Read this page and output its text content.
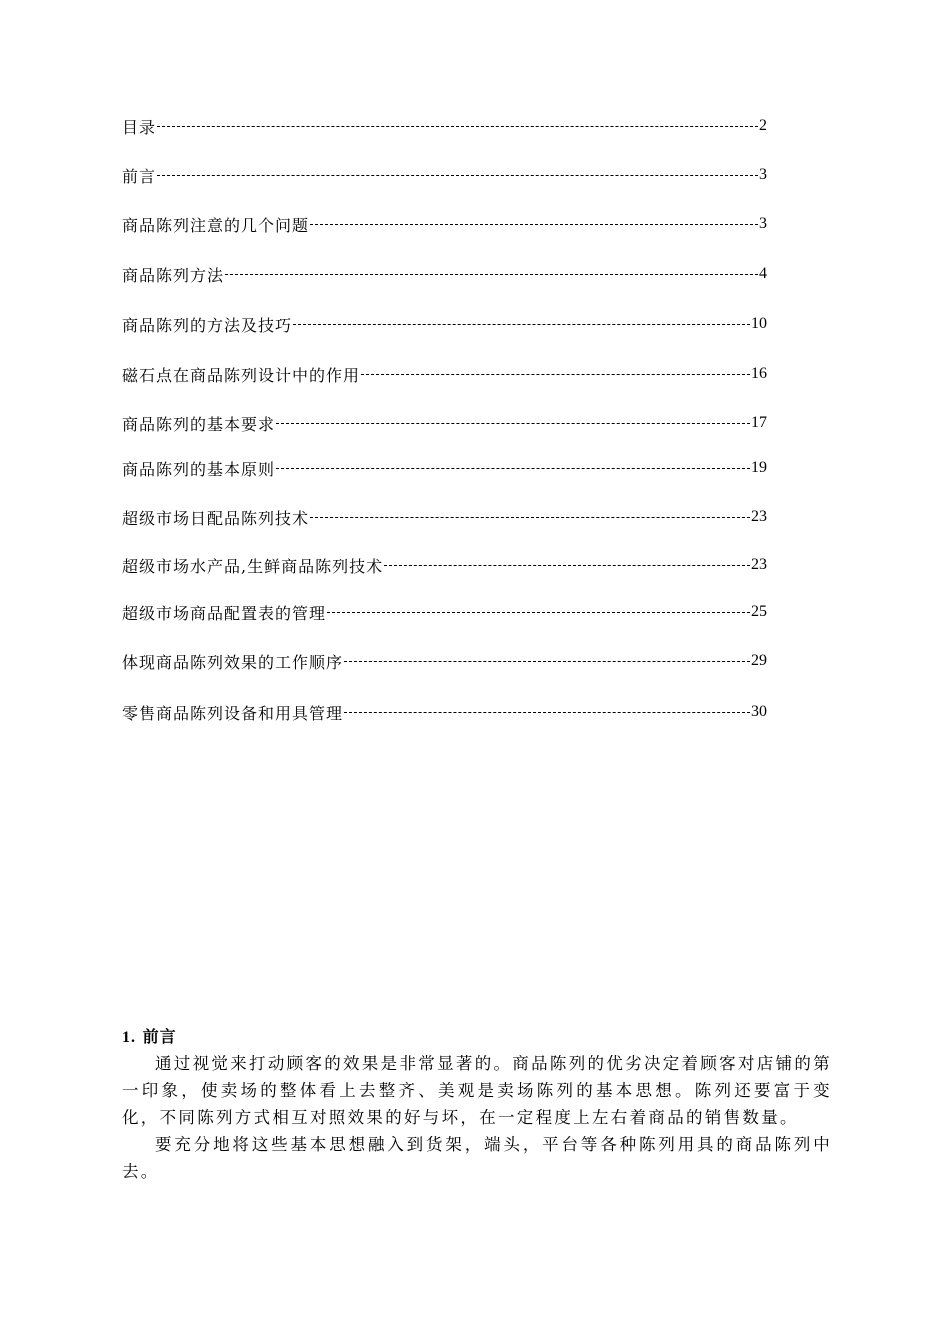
目录	2
前言	3
商品陈列注意的几个问题	3
商品陈列方法	4
商品陈列的方法及技巧	10
磁石点在商品陈列设计中的作用	16
商品陈列的基本要求	17
商品陈列的基本原则	19
超级市场日配品陈列技术	23
超级市场水产品,生鲜商品陈列技术	23
超级市场商品配置表的管理	25
体现商品陈列效果的工作顺序	29
零售商品陈列设备和用具管理	30
1. 前言

通过视觉来打动顾客的效果是非常显著的。商品陈列的优劣决定着顾客对店铺的第一印象，使卖场的整体看上去整齐、美观是卖场陈列的基本思想。陈列还要富于变化，不同陈列方式相互对照效果的好与坏，在一定程度上左右着商品的销售数量。

要充分地将这些基本思想融入到货架，端头，平台等各种陈列用具的商品陈列中去。
